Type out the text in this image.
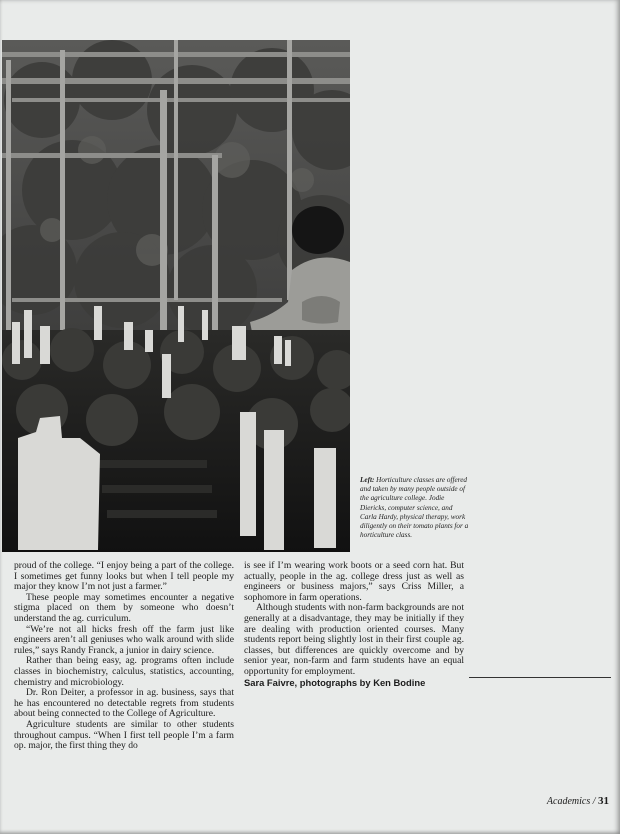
Left: Horticulture classes are offered and taken by many people outside of the agriculture college. Jodie Diericks, computer science, and Carla Hardy, physical therapy, work diligently on their tomato plants for a horticulture class.

proud of the college. “I enjoy being a part of the college. I sometimes get funny looks but when I tell people my major they know I’m not just a farmer.”

These people may sometimes encounter a negative stigma placed on them by someone who doesn’t understand the ag. curriculum.

“We’re not all hicks fresh off the farm just like engineers aren’t all geniuses who walk around with slide rules,” says Randy Franck, a junior in dairy science.

Rather than being easy, ag. programs often include classes in biochemistry, calculus, statistics, accounting, chemistry and microbiology.

Dr. Ron Deiter, a professor in ag. business, says that he has encountered no detectable regrets from students about being connected to the College of Agriculture.

Agriculture students are similar to other students throughout campus. “When I first tell people I’m a farm op. major, the first thing they do

is see if I’m wearing work boots or a seed corn hat. But actually, people in the ag. college dress just as well as engineers or business majors,” says Criss Miller, a sophomore in farm operations.

Although students with non-farm backgrounds are not generally at a disadvantage, they may be initially if they are dealing with production oriented courses. Many students report being slightly lost in their first couple ag. classes, but differences are quickly overcome and by senior year, non-farm and farm students have an equal opportunity for employment.

Sara Faivre, photographs by Ken Bodine

Academics / 31
